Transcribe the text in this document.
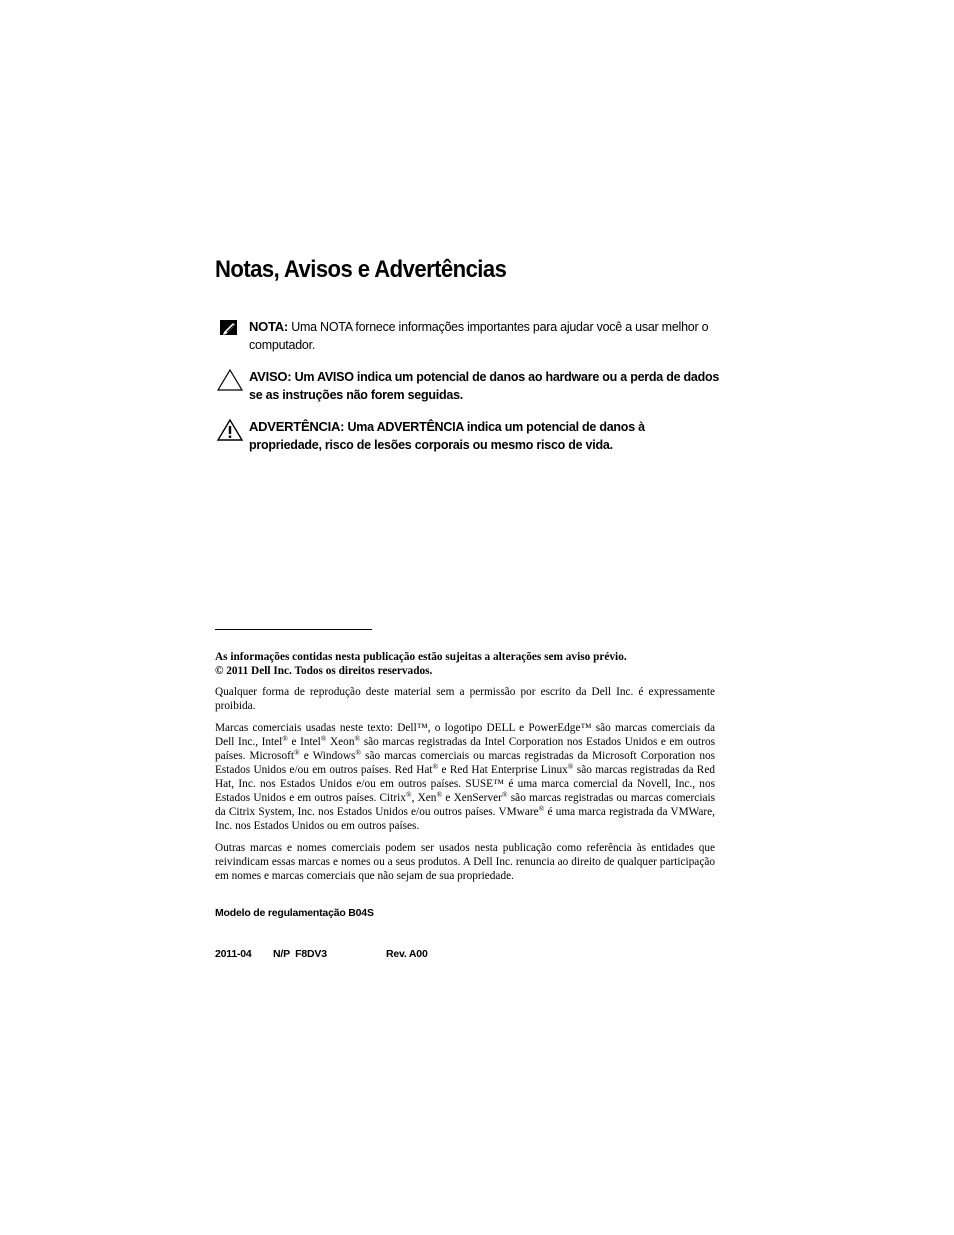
Notas, Avisos e Advertências
NOTA: Uma NOTA fornece informações importantes para ajudar você a usar melhor o computador.
AVISO: Um AVISO indica um potencial de danos ao hardware ou a perda de dados se as instruções não forem seguidas.
ADVERTÊNCIA: Uma ADVERTÊNCIA indica um potencial de danos à propriedade, risco de lesões corporais ou mesmo risco de vida.
As informações contidas nesta publicação estão sujeitas a alterações sem aviso prévio.
© 2011 Dell Inc. Todos os direitos reservados.
Qualquer forma de reprodução deste material sem a permissão por escrito da Dell Inc. é expressamente proibida.
Marcas comerciais usadas neste texto: Dell™, o logotipo DELL e PowerEdge™ são marcas comerciais da Dell Inc., Intel® e Intel® Xeon® são marcas registradas da Intel Corporation nos Estados Unidos e em outros países. Microsoft® e Windows® são marcas comerciais ou marcas registradas da Microsoft Corporation nos Estados Unidos e/ou em outros países. Red Hat® e Red Hat Enterprise Linux® são marcas registradas da Red Hat, Inc. nos Estados Unidos e/ou em outros países. SUSE™ é uma marca comercial da Novell, Inc., nos Estados Unidos e em outros países. Citrix®, Xen® e XenServer® são marcas registradas ou marcas comerciais da Citrix System, Inc. nos Estados Unidos e/ou outros países. VMware® é uma marca registrada da VMWare, Inc. nos Estados Unidos ou em outros países.
Outras marcas e nomes comerciais podem ser usados nesta publicação como referência às entidades que reivindicam essas marcas e nomes ou a seus produtos. A Dell Inc. renuncia ao direito de qualquer participação em nomes e marcas comerciais que não sejam de sua propriedade.
Modelo de regulamentação B04S
2011-04 N/P  F8DV3	Rev. A00
